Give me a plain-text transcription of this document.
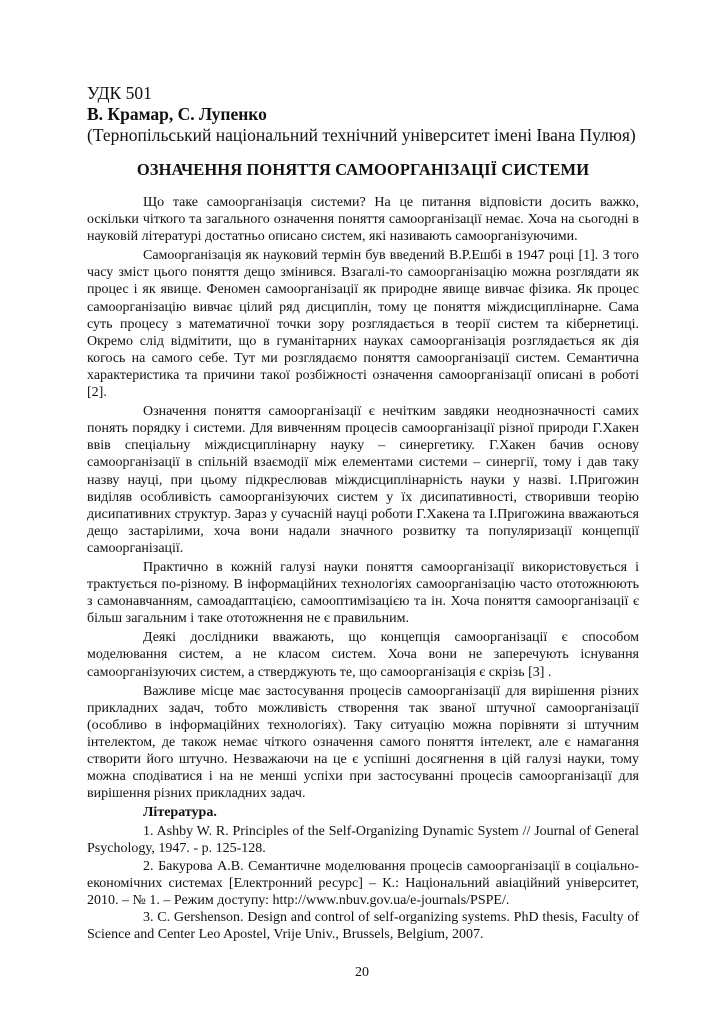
УДК 501
В. Крамар, С. Лупенко
(Тернопільський національний технічний університет імені Івана Пулюя)
ОЗНАЧЕННЯ ПОНЯТТЯ САМООРГАНІЗАЦІЇ СИСТЕМИ

Що таке самоорганізація системи? На це питання відповісти досить важко, оскільки чіткого та загального означення поняття самоорганізації немає. Хоча на сьогодні в науковій літературі достатньо описано систем, які називають самоорганізуючими.

Самоорганізація як науковий термін був введений В.Р.Ешбі в 1947 році [1]. З того часу зміст цього поняття дещо змінився. Взагалі-то самоорганізацію можна розглядати як процес і як явище. Феномен самоорганізації як природне явище вивчає фізика. Як процес самоорганізацію вивчає цілий ряд дисциплін, тому це поняття міждисциплінарне. Сама суть процесу з математичної точки зору розглядається в теорії систем та кібернетиці. Окремо слід відмітити, що в гуманітарних науках самоорганізація розглядається як дія когось на самого себе. Тут ми розглядаємо поняття самоорганізації систем. Семантична характеристика та причини такої розбіжності означення самоорганізації описані в роботі [2].

Означення поняття самоорганізації є нечітким завдяки неоднозначності самих понять порядку і системи. Для вивченням процесів самоорганізації різної природи Г.Хакен ввів спеціальну міждисциплінарну науку – синергетику. Г.Хакен бачив основу самоорганізації в спільній взаємодії між елементами системи – синергії, тому і дав таку назву науці, при цьому підкреслював міждисциплінарність науки у назві. І.Пригожин виділяв особливість самоорганізуючих систем у їх дисипативності, створивши теорію дисипативних структур. Зараз у сучасній науці роботи Г.Хакена та І.Пригожина вважаються дещо застарілими, хоча вони надали значного розвитку та популяризації концепції самоорганізації.

Практично в кожній галузі науки поняття самоорганізації використовується і трактується по-різному. В інформаційних технологіях самоорганізацію часто ототожнюють з самонавчанням, самоадаптацією, самооптимізацією та ін. Хоча поняття самоорганізації є більш загальним і таке ототожнення не є правильним.

Деякі дослідники вважають, що концепція самоорганізації є способом моделювання систем, а не класом систем. Хоча вони не заперечують існування самоорганізуючих систем, а стверджують те, що самоорганізація є скрізь [3] .

Важливе місце має застосування процесів самоорганізації для вирішення різних прикладних задач, тобто можливість створення так званої штучної самоорганізації (особливо в інформаційних технологіях). Таку ситуацію можна порівняти зі штучним інтелектом, де також немає чіткого означення самого поняття інтелект, але є намагання створити його штучно. Незважаючи на це є успішні досягнення в цій галузі науки, тому можна сподіватися і на не менші успіхи при застосуванні процесів самоорганізації для вирішення різних прикладних задач.

Література.

1. Ashby W. R. Principles of the Self-Organizing Dynamic System // Journal of General Psychology, 1947. - p. 125-128.

2. Бакурова А.В. Семантичне моделювання процесів самоорганізації в соціально-економічних системах [Електронний ресурс] – К.: Національний авіаційний університет, 2010. – № 1. – Режим доступу: http://www.nbuv.gov.ua/e-journals/PSPE/.

3. C. Gershenson. Design and control of self-organizing systems. PhD thesis, Faculty of Science and Center Leo Apostel, Vrije Univ., Brussels, Belgium, 2007.

20
